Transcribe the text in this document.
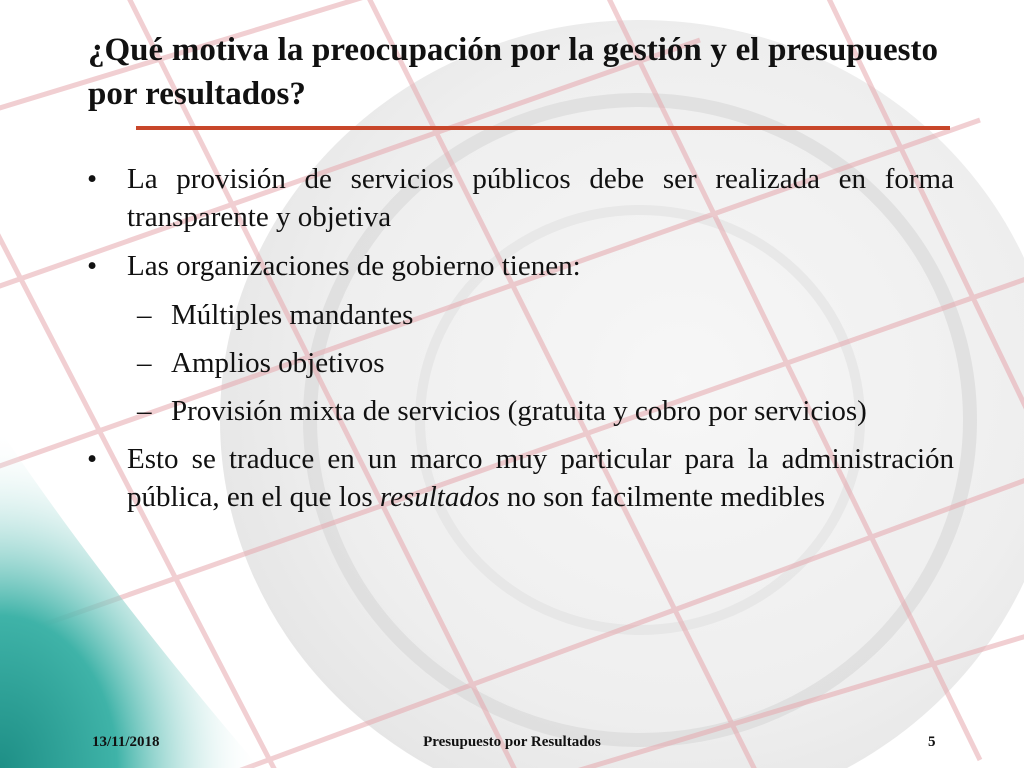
¿Qué motiva la preocupación por la gestión y el presupuesto por resultados?
• La provisión de servicios públicos debe ser realizada en forma transparente y objetiva
• Las organizaciones de gobierno tienen:
– Múltiples mandantes
– Amplios objetivos
– Provisión mixta de servicios (gratuita y cobro por servicios)
• Esto se traduce en un marco muy particular para la administración pública, en el que los resultados no son facilmente medibles
13/11/2018	Presupuesto por Resultados	5
